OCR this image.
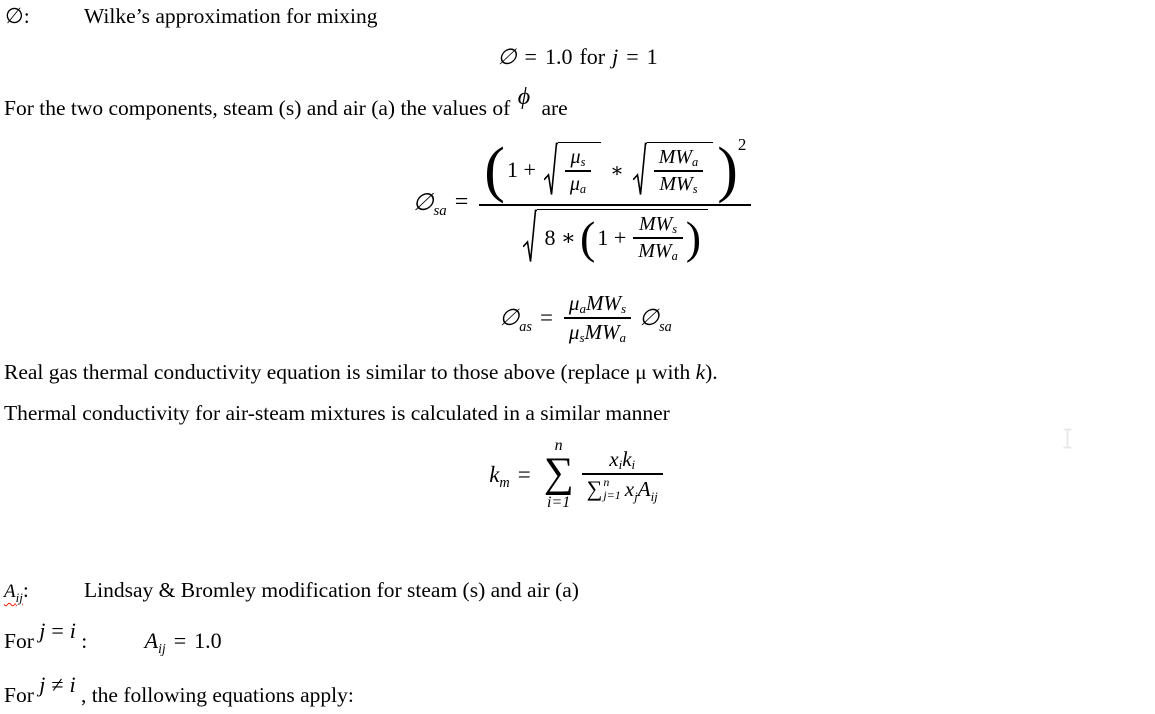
∅:	Wilke’s approximation for mixing
∅ = 1.0 for j = 1
For the two components, steam (s) and air (a) the values of ϕ are
$\emptyset_{sa}$ = ( 1 + μ s
μ a
∗
MW a
MW s ) 2
8 ∗ ( 1 +
MW s
MW a )
$\emptyset_{as}$ =
μ a MW s
μ s MW a
$\emptyset_{sa}$
Real gas thermal conductivity equation is similar to those above (replace μ with k).
Thermal conductivity for air-steam mixtures is calculated in a similar manner
$k_m$ =
n
∑
i=1
x i k i
∑ n
j=1 $x_jA_{ij}$
$A_{ij}$:	Lindsay & Bromley modification for steam (s) and air (a)
For j = i :	$A_{ij} = 1.0$
For j ≠ i , the following equations apply:
